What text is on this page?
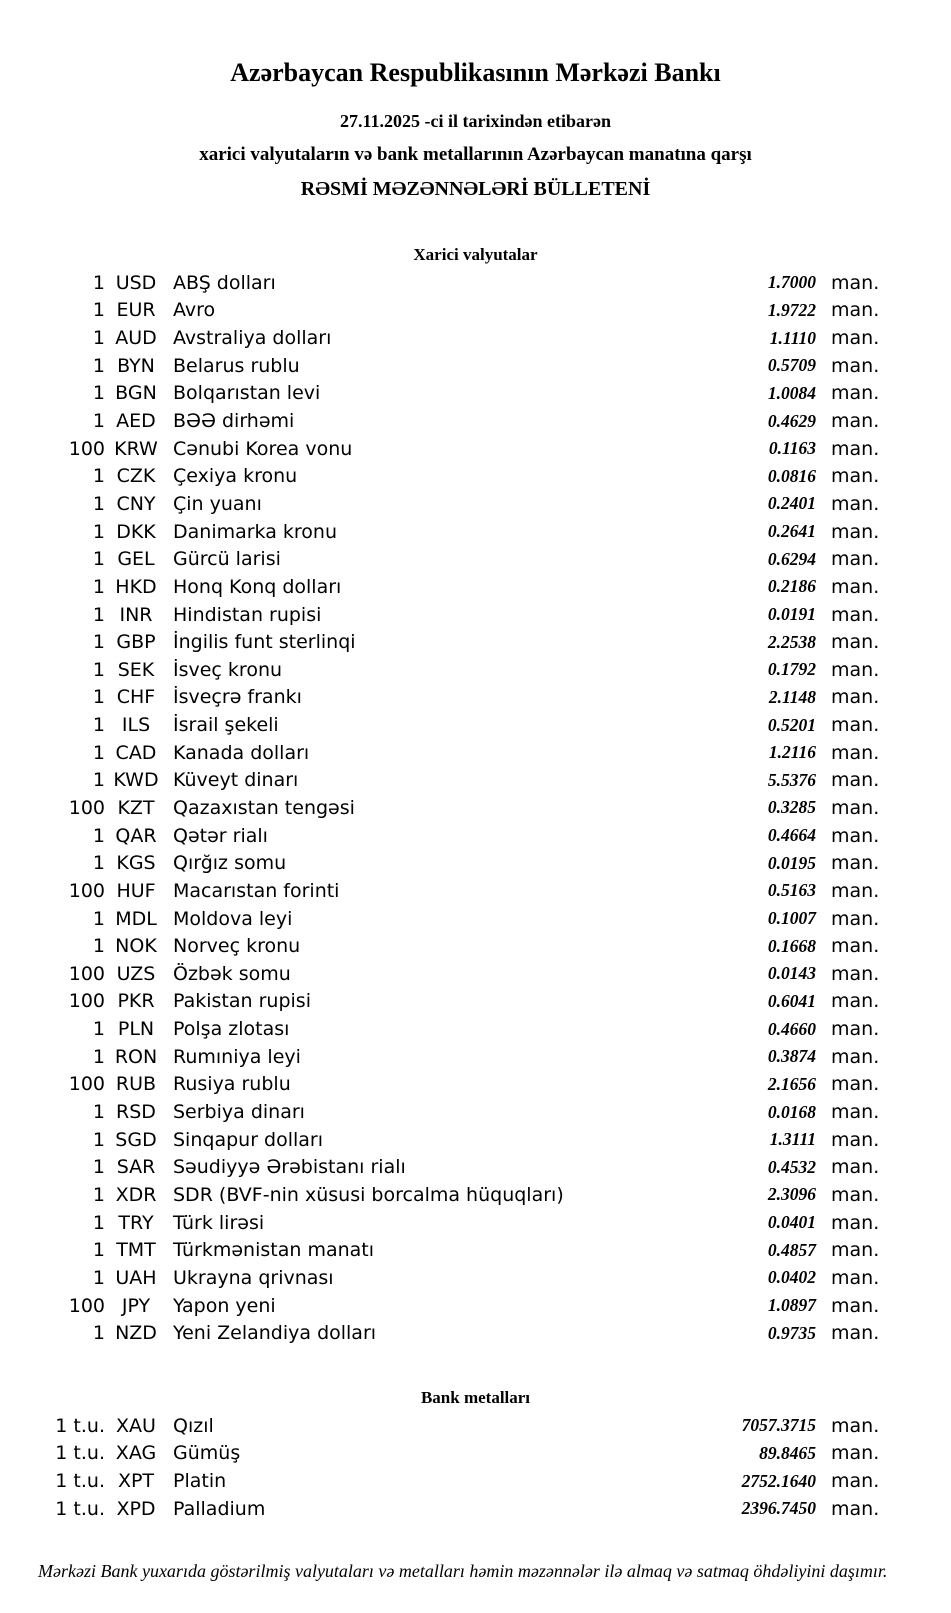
Azərbaycan Respublikasının Mərkəzi Bankı
27.11.2025 -ci il tarixindən etibarən
xarici valyutaların və bank metallarının Azərbaycan manatına qarşı
RƏSMİ MƏZƏNNƏLƏRİ BÜLLETENİ
Xarici valyutalar
1 USD ABŞ dolları	1.7000 man.
1 EUR Avro	1.9722 man.
1 AUD Avstraliya dolları	1.1110 man.
1 BYN Belarus rublu	0.5709 man.
1 BGN Bolqarıstan levi	1.0084 man.
1 AED BƏƏ dirhəmi	0.4629 man.
100 KRW Cənubi Korea vonu	0.1163 man.
1 CZK Çexiya kronu	0.0816 man.
1 CNY Çin yuanı	0.2401 man.
1 DKK Danimarka kronu	0.2641 man.
1 GEL Gürcü larisi	0.6294 man.
1 HKD Honq Konq dolları	0.2186 man.
1 INR	Hindistan rupisi	0.0191 man.
1 GBP İngilis funt sterlinqi	2.2538 man.
1 SEK İsveç kronu	0.1792 man.
1 CHF İsveçrə frankı	2.1148 man.
1 ILS	İsrail şekeli	0.5201 man.
1 CAD Kanada dolları	1.2116 man.
1 KWD Küveyt dinarı	5.5376 man.
100 KZT Qazaxıstan tengəsi	0.3285 man.
1 QAR Qətər rialı	0.4664 man.
1 KGS Qırğız somu	0.0195 man.
100 HUF Macarıstan forinti	0.5163 man.
1 MDL Moldova leyi	0.1007 man.
1 NOK Norveç kronu	0.1668 man.
100 UZS Özbək somu	0.0143 man.
100 PKR Pakistan rupisi	0.6041 man.
1 PLN Polşa zlotası	0.4660 man.
1 RON Rumıniya leyi	0.3874 man.
100 RUB Rusiya rublu	2.1656 man.
1 RSD Serbiya dinarı	0.0168 man.
1 SGD Sinqapur dolları	1.3111 man.
1 SAR Səudiyyə Ərəbistanı rialı	0.4532 man.
1 XDR SDR (BVF-nin xüsusi borcalma hüquqları)	2.3096 man.
1 TRY	Türk lirəsi	0.0401 man.
1 TMT Türkmənistan manatı	0.4857 man.
1 UAH Ukrayna qrivnası	0.0402 man.
100 JPY	Yapon yeni	1.0897 man.
1 NZD Yeni Zelandiya dolları	0.9735 man.
Bank metalları
1 t.u. XAU Qızıl	7057.3715 man.
1 t.u. XAG Gümüş	89.8465 man.
1 t.u. XPT Platin	2752.1640 man.
1 t.u. XPD Palladium	2396.7450 man.
Mərkəzi Bank yuxarıda göstərilmiş valyutaları və metalları həmin məzənnələr ilə almaq və satmaq öhdəliyini daşımır.
